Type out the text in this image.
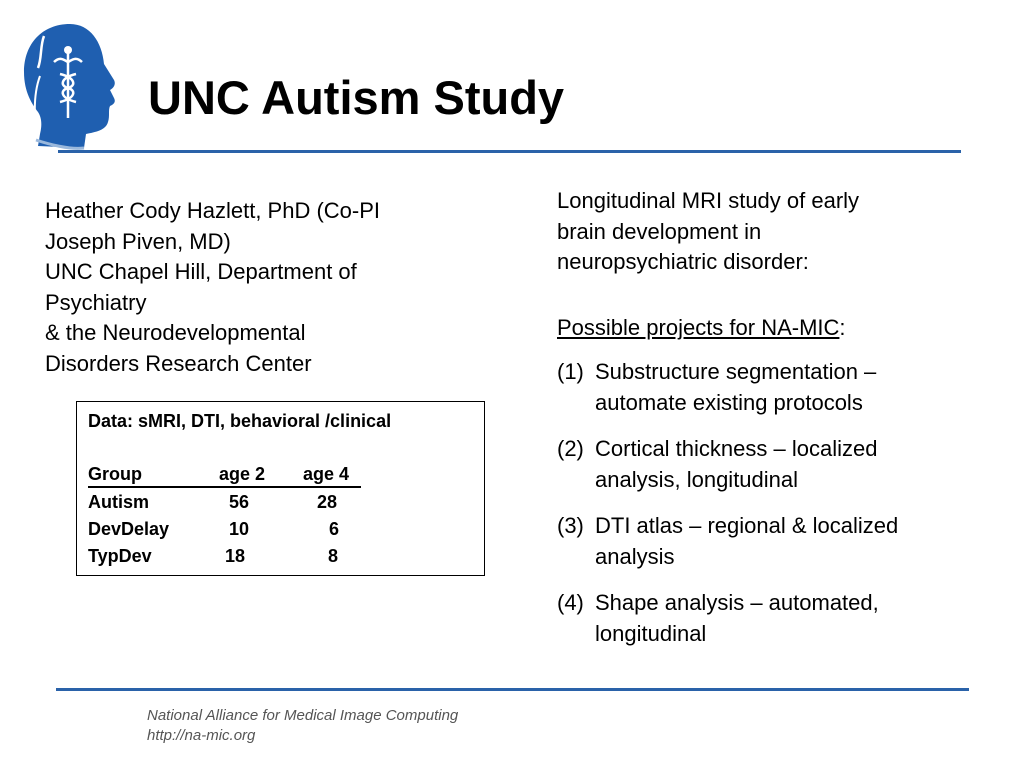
UNC Autism Study
Heather Cody Hazlett, PhD (Co-PI
Joseph Piven, MD)
UNC Chapel Hill, Department of
Psychiatry
& the Neurodevelopmental
Disorders Research Center
Data: sMRI, DTI, behavioral /clinical
Group	age 2 age 4
Autism	56	28
DevDelay	10	6
TypDev	18	8
Longitudinal MRI study of early
brain development in
neuropsychiatric disorder:
Possible projects for NA-MIC:
(1) Substructure segmentation –
automate existing protocols
(2) Cortical thickness – localized
analysis, longitudinal
(3) DTI atlas – regional & localized
analysis
(4) Shape analysis – automated,
longitudinal
National Alliance for Medical Image Computing
http://na-mic.org
